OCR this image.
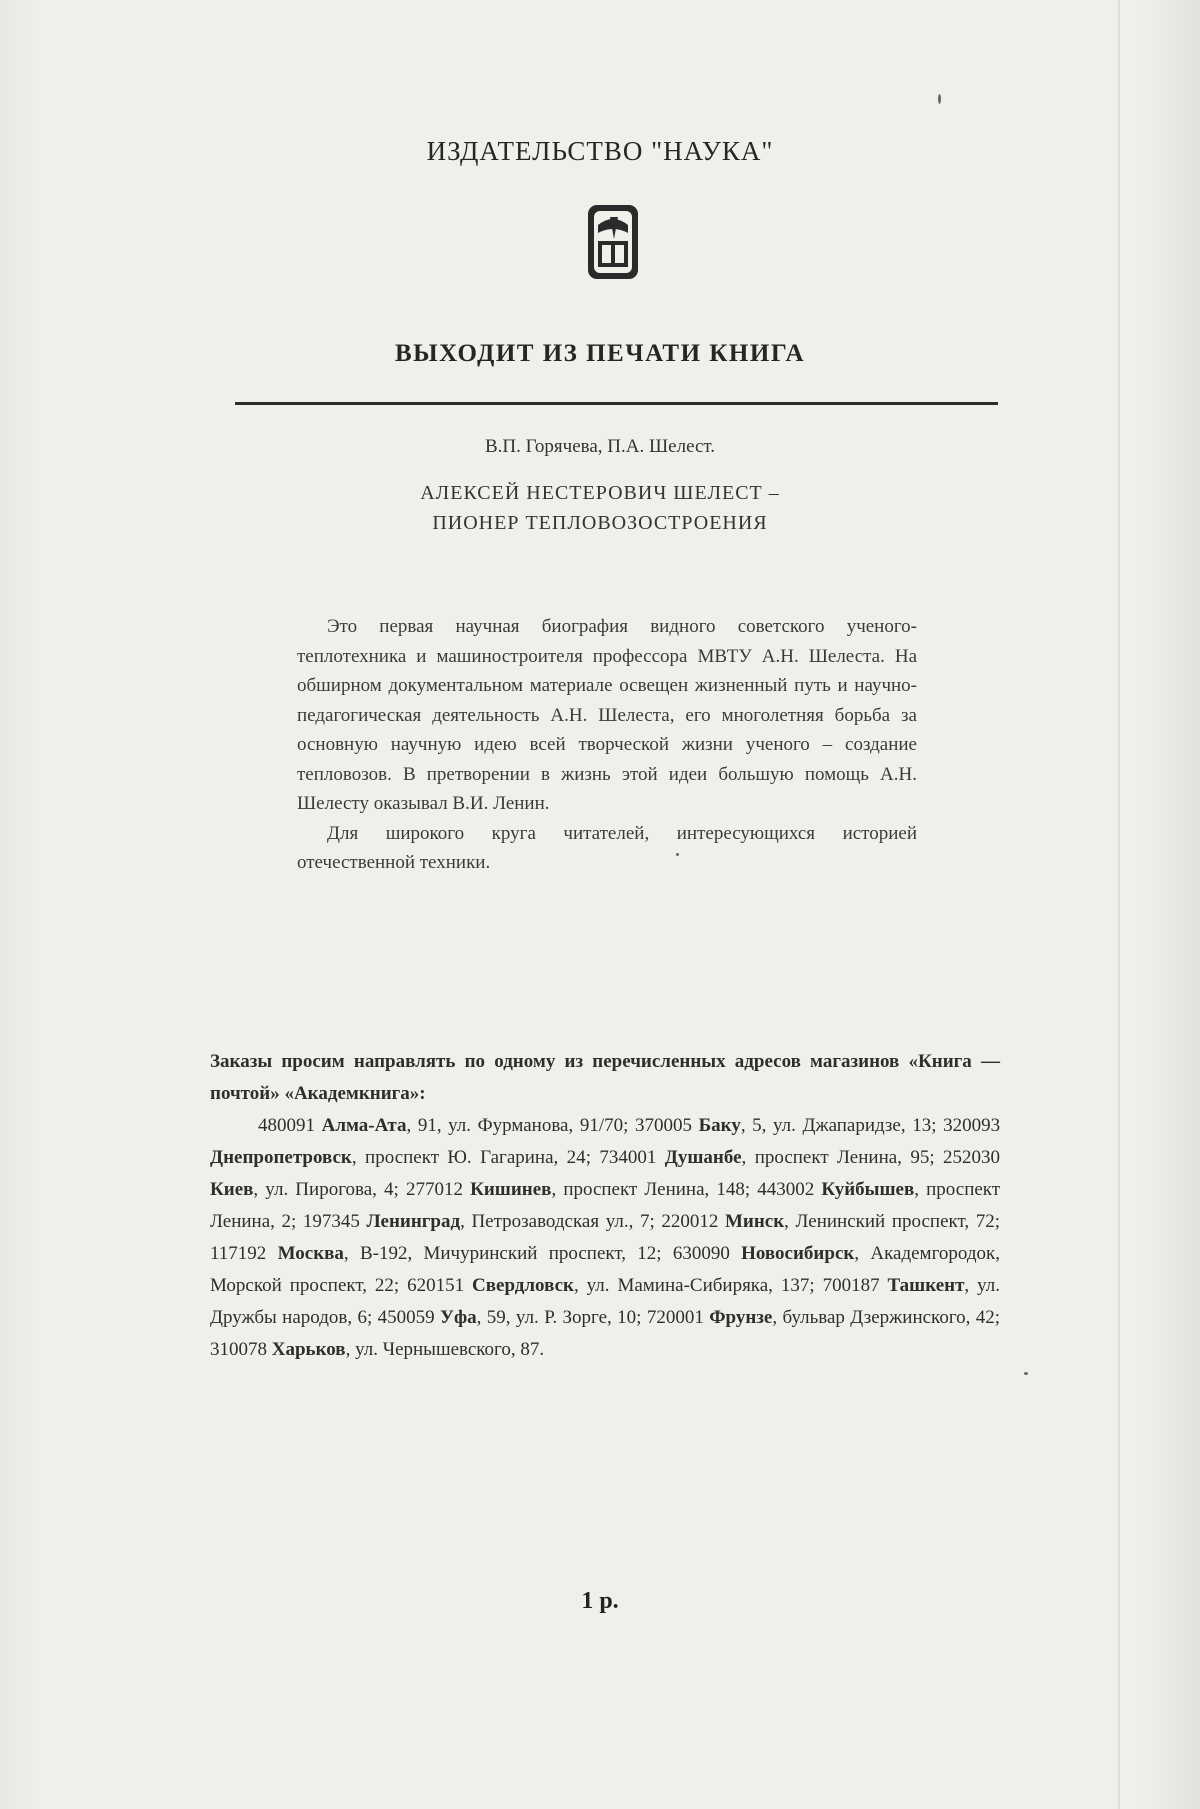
ИЗДАТЕЛЬСТВО "НАУКА"
ВЫХОДИТ ИЗ ПЕЧАТИ КНИГА
В.П. Горячева, П.А. Шелест.
АЛЕКСЕЙ НЕСТЕРОВИЧ ШЕЛЕСТ –
ПИОНЕР ТЕПЛОВОЗОСТРОЕНИЯ

Это первая научная биография видного советского ученого-теплотехника и машиностроителя профессора МВТУ А.Н. Шелеста. На обширном документальном материале освещен жизненный путь и научно-педагогическая деятельность А.Н. Шелеста, его многолетняя борьба за основную научную идею всей творческой жизни ученого – создание тепловозов. В претворении в жизнь этой идеи большую помощь А.Н. Шелесту оказывал В.И. Ленин.

Для широкого круга читателей, интересующихся историей отечественной техники.

Заказы просим направлять по одному из перечисленных адресов магазинов «Книга — почтой» «Академкнига»:

480091 Алма-Ата, 91, ул. Фурманова, 91/70; 370005 Баку, 5, ул. Джапаридзе, 13; 320093 Днепропетровск, проспект Ю. Гагарина, 24; 734001 Душанбе, проспект Ленина, 95; 252030 Киев, ул. Пирогова, 4; 277012 Кишинев, проспект Ленина, 148; 443002 Куйбышев, проспект Ленина, 2; 197345 Ленинград, Петрозаводская ул., 7; 220012 Минск, Ленинский проспект, 72; 117192 Москва, В-192, Мичуринский проспект, 12; 630090 Новосибирск, Академгородок, Морской проспект, 22; 620151 Свердловск, ул. Мамина-Сибиряка, 137; 700187 Ташкент, ул. Дружбы народов, 6; 450059 Уфа, 59, ул. Р. Зорге, 10; 720001 Фрунзе, бульвар Дзержинского, 42; 310078 Харьков, ул. Чернышевского, 87.

1 р.
